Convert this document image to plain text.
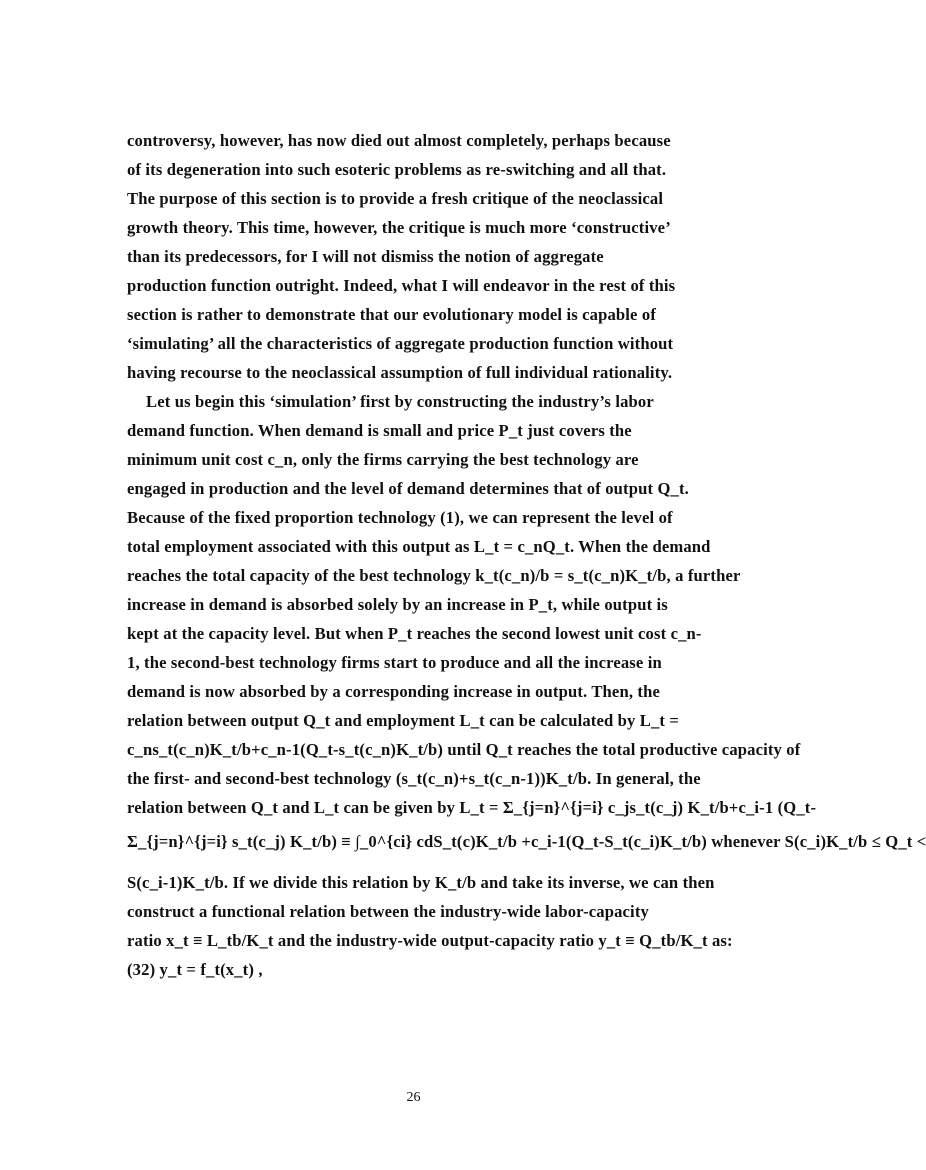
controversy, however, has now died out almost completely, perhaps because
of its degeneration into such esoteric problems as re-switching and all that.
The purpose of this section is to provide a fresh critique of the neoclassical
growth theory. This time, however, the critique is much more ‘constructive’
than its predecessors, for I will not dismiss the notion of aggregate
production function outright. Indeed, what I will endeavor in the rest of this
section is rather to demonstrate that our evolutionary model is capable of
‘simulating’ all the characteristics of aggregate production function without
having recourse to the neoclassical assumption of full individual rationality.
Let us begin this ‘simulation’ first by constructing the industry’s labor
demand function. When demand is small and price P_t just covers the
minimum unit cost c_n, only the firms carrying the best technology are
engaged in production and the level of demand determines that of output Q_t.
Because of the fixed proportion technology (1), we can represent the level of
total employment associated with this output as L_t = c_nQ_t. When the demand
reaches the total capacity of the best technology k_t(c_n)/b = s_t(c_n)K_t/b, a further
increase in demand is absorbed solely by an increase in P_t, while output is
kept at the capacity level. But when P_t reaches the second lowest unit cost c_n-
1, the second-best technology firms start to produce and all the increase in
demand is now absorbed by a corresponding increase in output. Then, the
relation between output Q_t and employment L_t can be calculated by L_t =
c_ns_t(c_n)K_t/b+c_n-1(Q_t-s_t(c_n)K_t/b) until Q_t reaches the total productive capacity of
the first- and second-best technology (s_t(c_n)+s_t(c_n-1))K_t/b. In general, the
relation between Q_t and L_t can be given by L_t = Σ_{j=n}^{j=i} c_js_t(c_j) K_t/b+c_i-1 (Q_t-
Σ_{j=n}^{j=i} s_t(c_j) K_t/b) ≡ ∫_0^{ci} cdS_t(c)K_t/b +c_i-1(Q_t-S_t(c_i)K_t/b) whenever S(c_i)K_t/b ≤ Q_t <
S(c_i-1)K_t/b. If we divide this relation by K_t/b and take its inverse, we can then
construct a functional relation between the industry-wide labor-capacity
ratio x_t ≡ L_tb/K_t and the industry-wide output-capacity ratio y_t ≡ Q_tb/K_t as:
(32) y_t = f_t(x_t) ,
26
